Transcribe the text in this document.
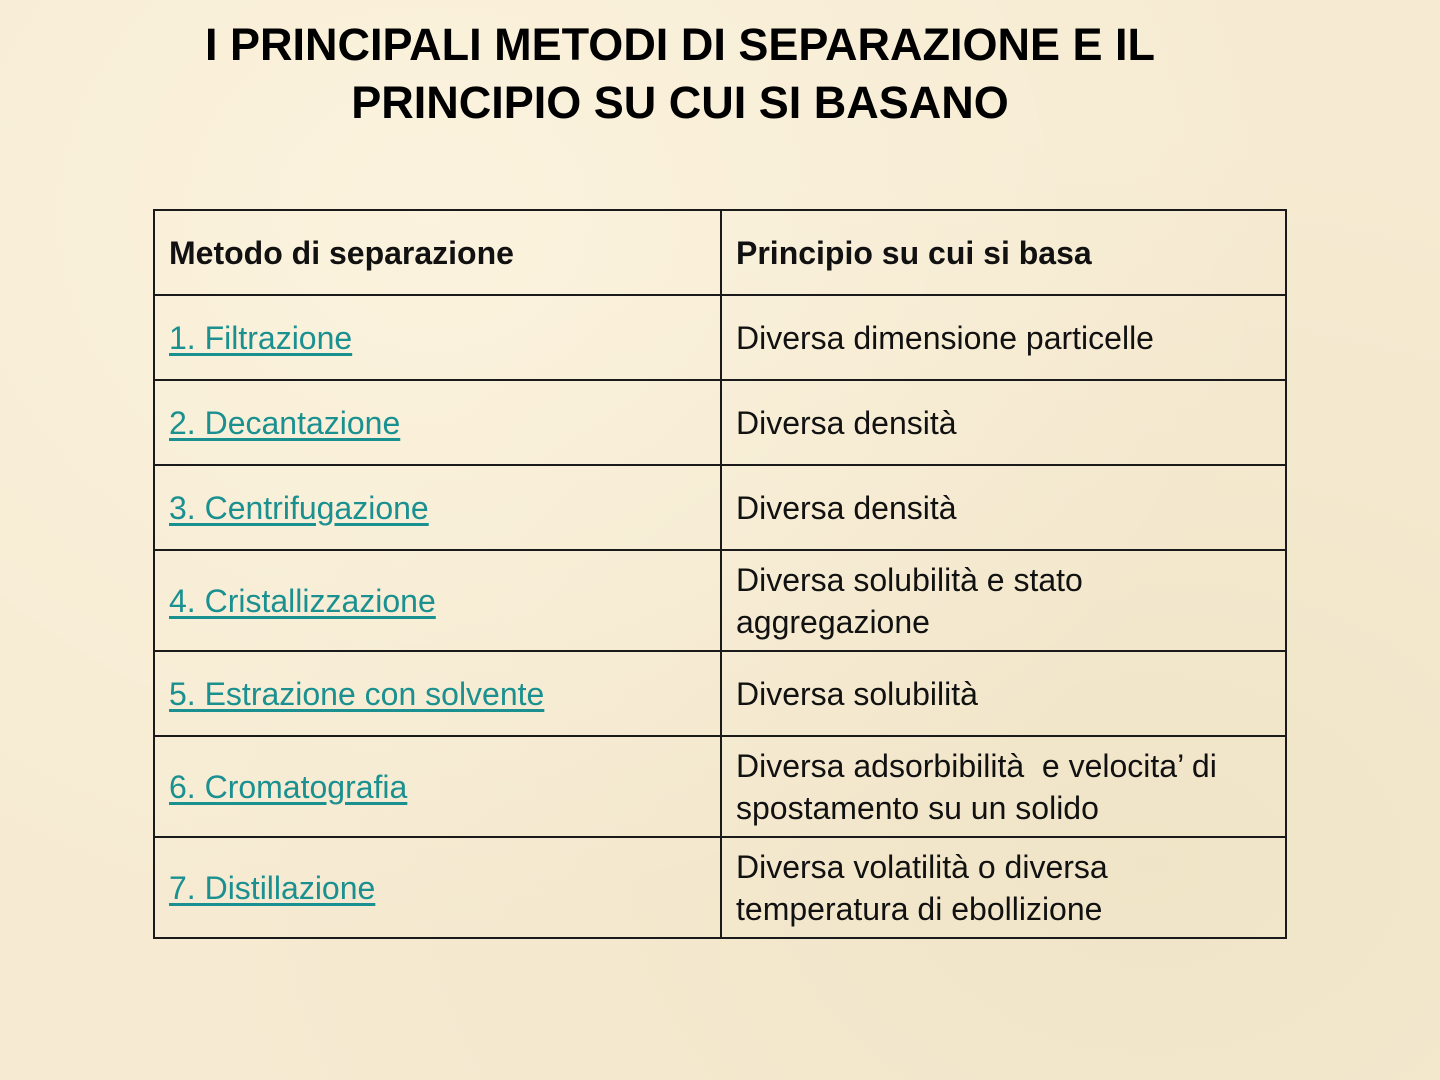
I PRINCIPALI METODI DI SEPARAZIONE E IL
PRINCIPIO SU CUI SI BASANO
Metodo di separazione	Principio su cui si basa
1. Filtrazione	Diversa dimensione particelle
2. Decantazione	Diversa densità
3. Centrifugazione	Diversa densità
4. Cristallizzazione	Diversa solubilità e stato aggregazione
5. Estrazione con solvente	Diversa solubilità
6. Cromatografia	Diversa adsorbibilità  e velocita’ di spostamento su un solido
7. Distillazione	Diversa volatilità o diversa temperatura di ebollizione
